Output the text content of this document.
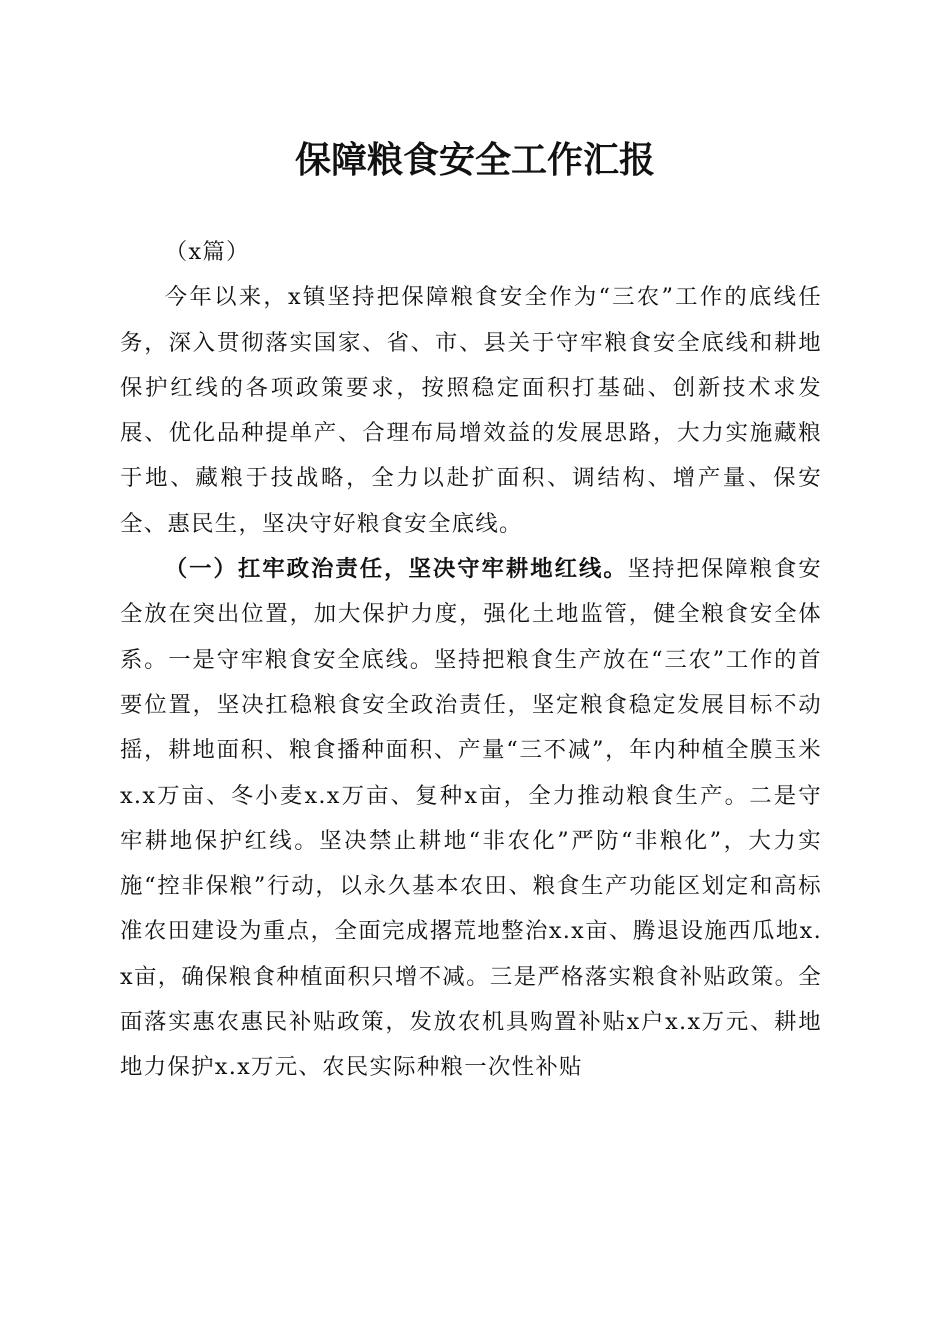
保障粮食安全工作汇报

（x篇）

今年以来，x镇坚持把保障粮食安全作为“三农”工作的底线任务，深入贯彻落实国家、省、市、县关于守牢粮食安全底线和耕地保护红线的各项政策要求，按照稳定面积打基础、创新技术求发展、优化品种提单产、合理布局增效益的发展思路，大力实施藏粮于地、藏粮于技战略，全力以赴扩面积、调结构、增产量、保安全、惠民生，坚决守好粮食安全底线。

（一）扛牢政治责任，坚决守牢耕地红线。坚持把保障粮食安全放在突出位置，加大保护力度，强化土地监管，健全粮食安全体系。一是守牢粮食安全底线。坚持把粮食生产放在“三农”工作的首要位置，坚决扛稳粮食安全政治责任，坚定粮食稳定发展目标不动摇，耕地面积、粮食播种面积、产量“三不减”，年内种植全膜玉米x.x万亩、冬小麦x.x万亩、复种x亩，全力推动粮食生产。二是守牢耕地保护红线。坚决禁止耕地“非农化”严防“非粮化”，大力实施“控非保粮”行动，以永久基本农田、粮食生产功能区划定和高标准农田建设为重点，全面完成撂荒地整治x.x亩、腾退设施西瓜地x.x亩，确保粮食种植面积只增不减。三是严格落实粮食补贴政策。全面落实惠农惠民补贴政策，发放农机具购置补贴x户x.x万元、耕地地力保护x.x万元、农民实际种粮一次性补贴
